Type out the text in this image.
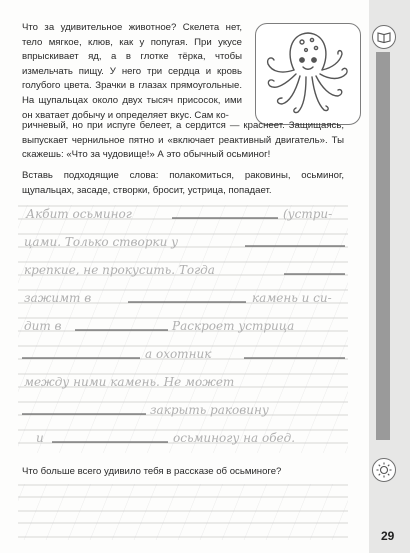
Что за удивительное животное? Скелета нет, тело мягкое, клюв, как у попугая. При укусе впрыскивает яд, а в глотке тёрка, чтобы измельчать пищу. У него три сердца и кровь голубого цвета. Зрачки в глазах прямоугольные. На щупальцах около двух тысяч присосок, ими он хватает добычу и определяет вкус. Сам ко-

ричневый, но при испуге белеет, а сердится — краснеет. Защищаясь, выпускает чернильное пятно и «включает реактивный двигатель». Ты скажешь: «Что за чудовище!» А это обычный осьминог!

Вставь подходящие слова: полакомиться, раковины, осьминог, щупальцах, засаде, створки, бросит, устрица, попадает.

Акбит осьминог	(устри-
цами. Только створки у
крепкие, не прокусить. Тогда
зажимт в	камень и си-
дит в	Раскроет устрица
а охотник
между ними камень. Не может
закрыть раковину
и	осьминогу на обед.

Что больше всего удивило тебя в рассказе об осьминоге?

29
